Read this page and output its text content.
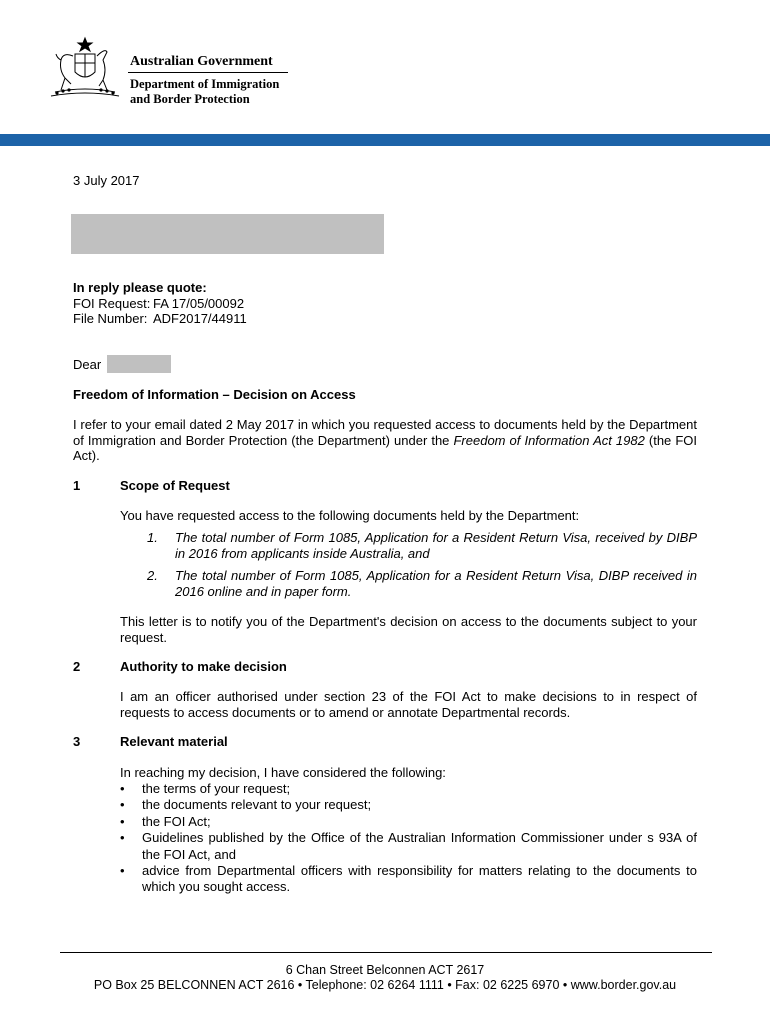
Australian Government
Department of Immigration
and Border Protection
3 July 2017
In reply please quote:
FOI Request: FA 17/05/00092
File Number: ADF2017/44911
Dear
Freedom of Information – Decision on Access
I refer to your email dated 2 May 2017 in which you requested access to documents held by the Department of Immigration and Border Protection (the Department) under the Freedom of Information Act 1982 (the FOI Act).
1	Scope of Request
You have requested access to the following documents held by the Department:
1. The total number of Form 1085, Application for a Resident Return Visa, received by DIBP in 2016 from applicants inside Australia, and
2. The total number of Form 1085, Application for a Resident Return Visa, DIBP received in 2016 online and in paper form.
This letter is to notify you of the Department's decision on access to the documents subject to your request.
2	Authority to make decision
I am an officer authorised under section 23 of the FOI Act to make decisions to in respect of requests to access documents or to amend or annotate Departmental records.
3	Relevant material
In reaching my decision, I have considered the following:
• the terms of your request;
• the documents relevant to your request;
• the FOI Act;
• Guidelines published by the Office of the Australian Information Commissioner under s 93A of the FOI Act, and
• advice from Departmental officers with responsibility for matters relating to the documents to which you sought access.
6 Chan Street Belconnen ACT 2617
PO Box 25 BELCONNEN ACT 2616 • Telephone: 02 6264 1111 • Fax: 02 6225 6970 • www.border.gov.au
